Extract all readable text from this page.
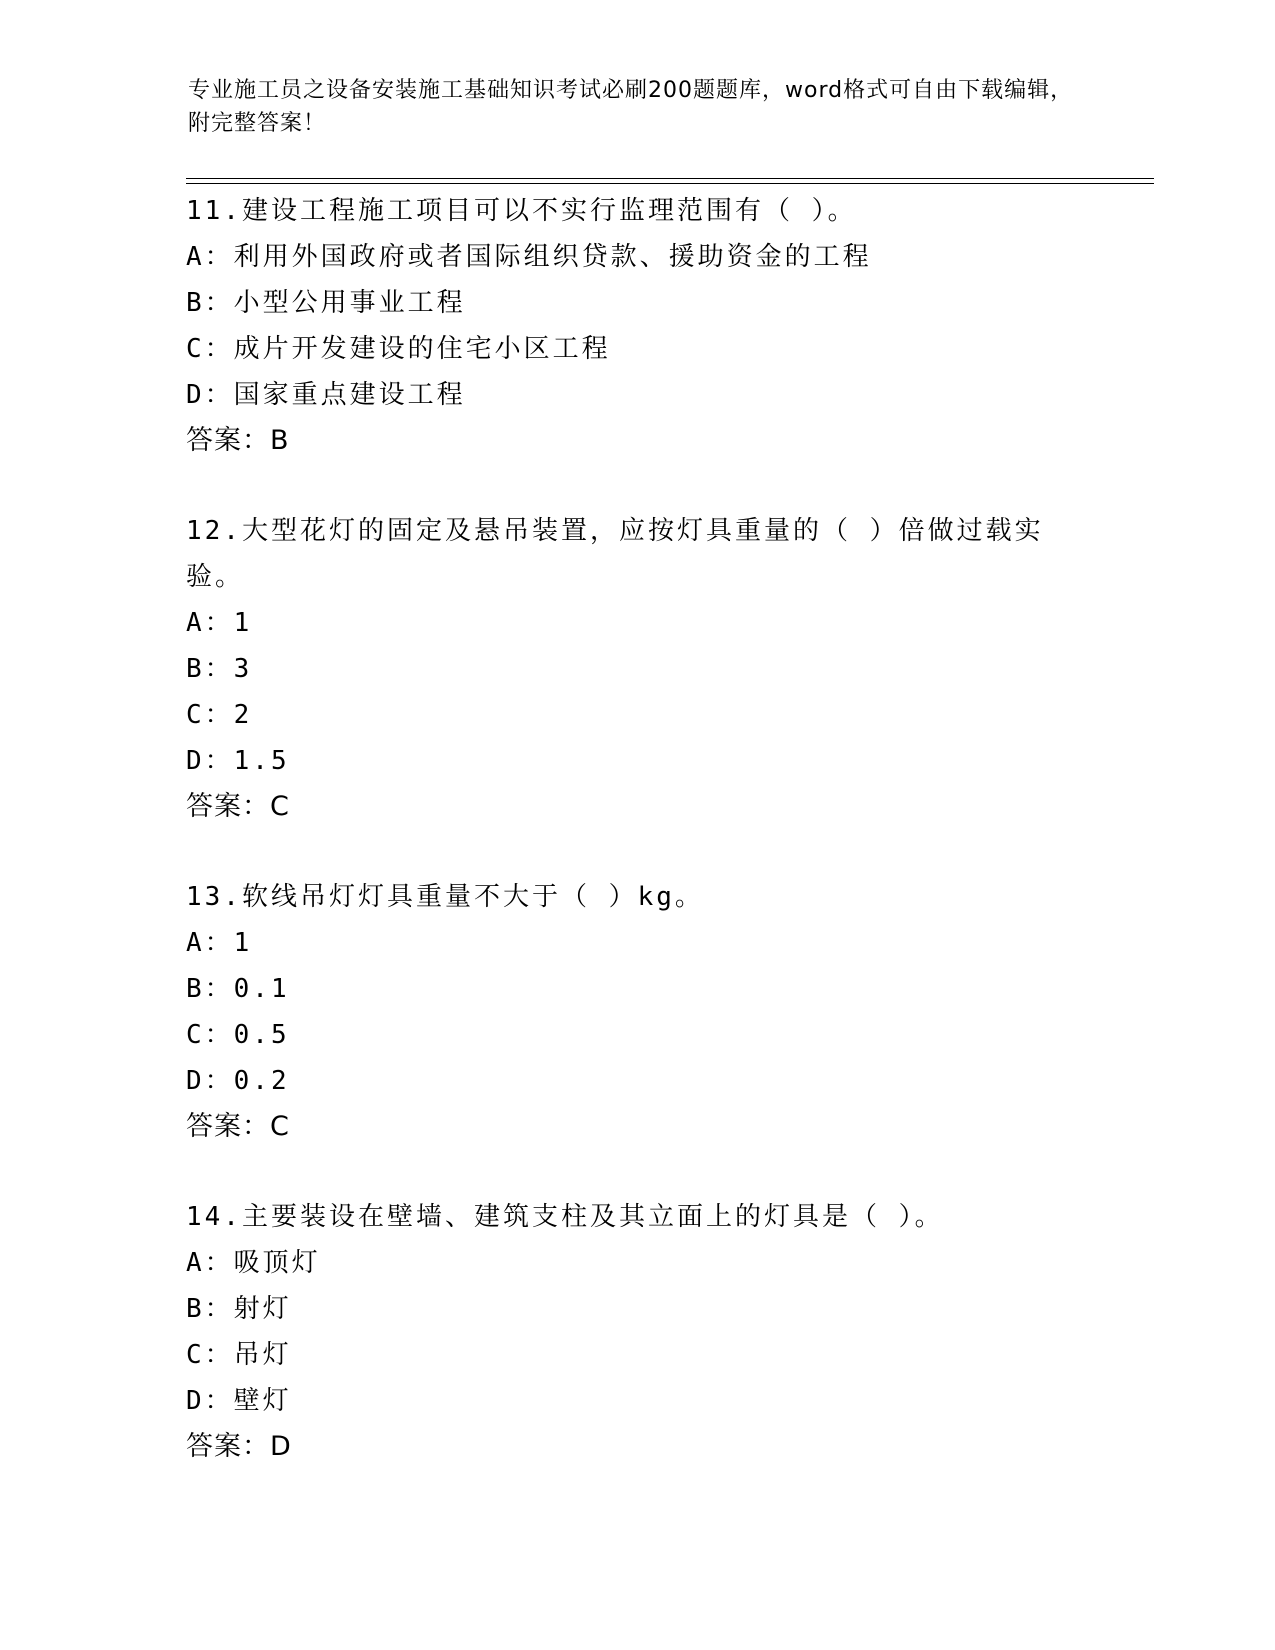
专业施工员之设备安装施工基础知识考试必刷200题题库，word格式可自由下载编辑，附完整答案！
11.建设工程施工项目可以不实行监理范围有（ ）。
A：利用外国政府或者国际组织贷款、援助资金的工程
B：小型公用事业工程
C：成片开发建设的住宅小区工程
D：国家重点建设工程
答案：B
12.大型花灯的固定及悬吊装置，应按灯具重量的（ ）倍做过载实验。
A：1
B：3
C：2
D：1.5
答案：C
13.软线吊灯灯具重量不大于（ ）kg。
A：1
B：0.1
C：0.5
D：0.2
答案：C
14.主要装设在壁墙、建筑支柱及其立面上的灯具是（ ）。
A：吸顶灯
B：射灯
C：吊灯
D：壁灯
答案：D
